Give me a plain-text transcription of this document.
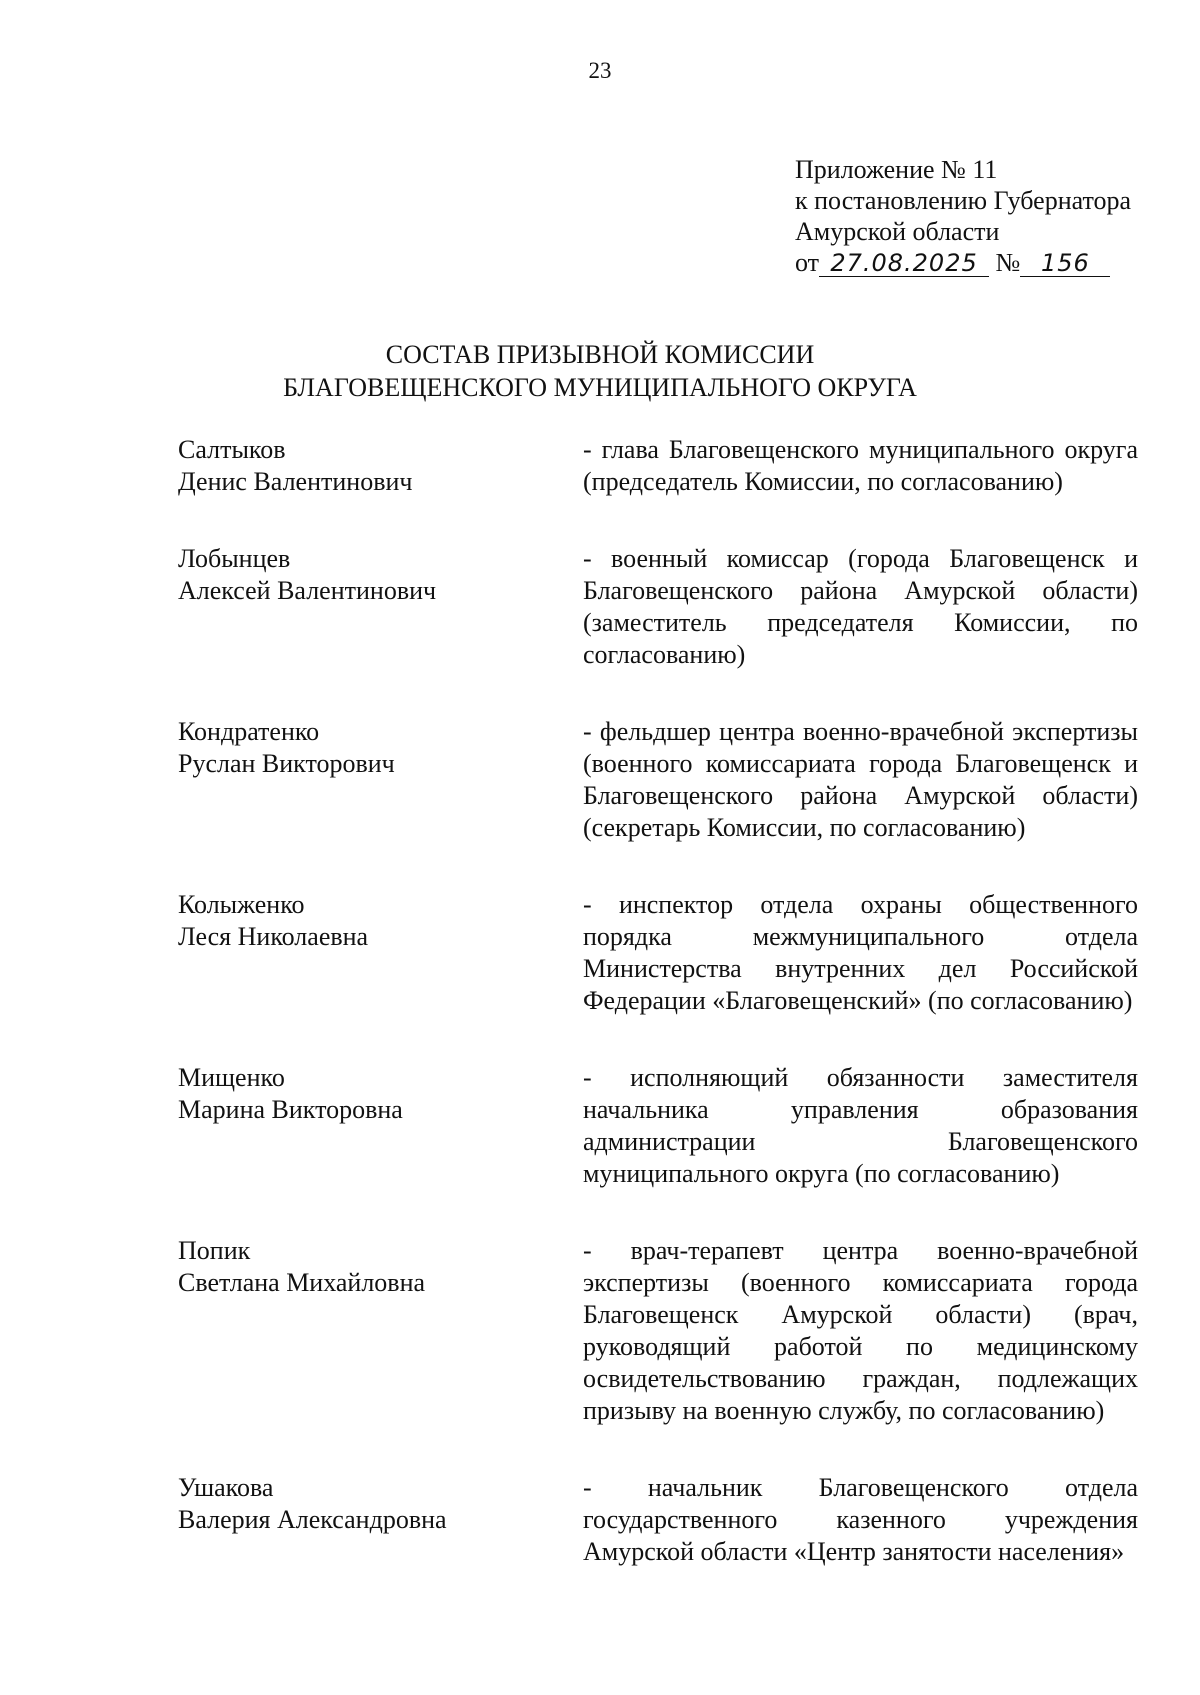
23
Приложение № 11
к постановлению Губернатора
Амурской области
от 27.08.2025 № 156
СОСТАВ ПРИЗЫВНОЙ КОМИССИИ
БЛАГОВЕЩЕНСКОГО МУНИЦИПАЛЬНОГО ОКРУГА
Салтыков
Денис Валентинович
- глава Благовещенского муниципального округа (председатель Комиссии, по согласованию)
Лобынцев
Алексей Валентинович
- военный комиссар (города Благовещенск и Благовещенского района Амурской области) (заместитель председателя Комиссии, по согласованию)
Кондратенко
Руслан Викторович
- фельдшер центра военно-врачебной экспертизы (военного комиссариата города Благовещенск и Благовещенского района Амурской области) (секретарь Комиссии, по согласованию)
Колыженко
Леся Николаевна
- инспектор отдела охраны общественного порядка межмуниципального отдела Министерства внутренних дел Российской Федерации «Благовещенский» (по согласованию)
Мищенко
Марина Викторовна
- исполняющий обязанности заместителя начальника управления образования администрации Благовещенского муниципального округа (по согласованию)
Попик
Светлана Михайловна
- врач-терапевт центра военно-врачебной экспертизы (военного комиссариата города Благовещенск Амурской области) (врач, руководящий работой по медицинскому освидетельствованию граждан, подлежащих призыву на военную службу, по согласованию)
Ушакова
Валерия Александровна
- начальник Благовещенского отдела государственного казенного учреждения Амурской области «Центр занятости населения»
